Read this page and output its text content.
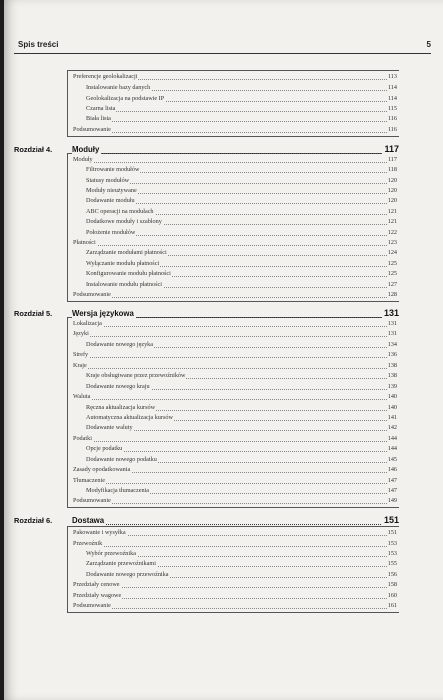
Spis treści	5
Preferencje geolokalizacji	113
Instalowanie bazy danych	114
Geolokalizacja na podstawie IP	114
Czarna lista	115
Biała lista	116
Podsumowanie	116
Rozdział 4.	Moduły	117
Moduły	117
Filtrowanie modułów	118
Statusy modułów	120
Moduły nieużywane	120
Dodawanie modułu	120
ABC operacji na modułach	121
Dodatkowe moduły i szablony	121
Położenie modułów	122
Płatności	123
Zarządzanie modułami płatności	124
Wyłączanie modułu płatności	125
Konfigurowanie modułu płatności	125
Instalowanie modułu płatności	127
Podsumowanie	128
Rozdział 5.	Wersja językowa	131
Lokalizacja	131
Języki	131
Dodawanie nowego języka	134
Strefy	136
Kraje	138
Kraje obsługiwane przez przewoźników	138
Dodawanie nowego kraju	139
Waluta	140
Ręczna aktualizacja kursów	140
Automatyczna aktualizacja kursów	141
Dodawanie waluty	142
Podatki	144
Opcje podatku	144
Dodawanie nowego podatku	145
Zasady opodatkowania	146
Tłumaczenie	147
Modyfikacja tłumaczenia	147
Podsumowanie	149
Rozdział 6.	Dostawa	151
Pakowanie i wysyłka	151
Przewoźnik	153
Wybór przewoźnika	153
Zarządzanie przewoźnikami	155
Dodawanie nowego przewoźnika	156
Przedziały cenowe	158
Przedziały wagowe	160
Podsumowanie	161
